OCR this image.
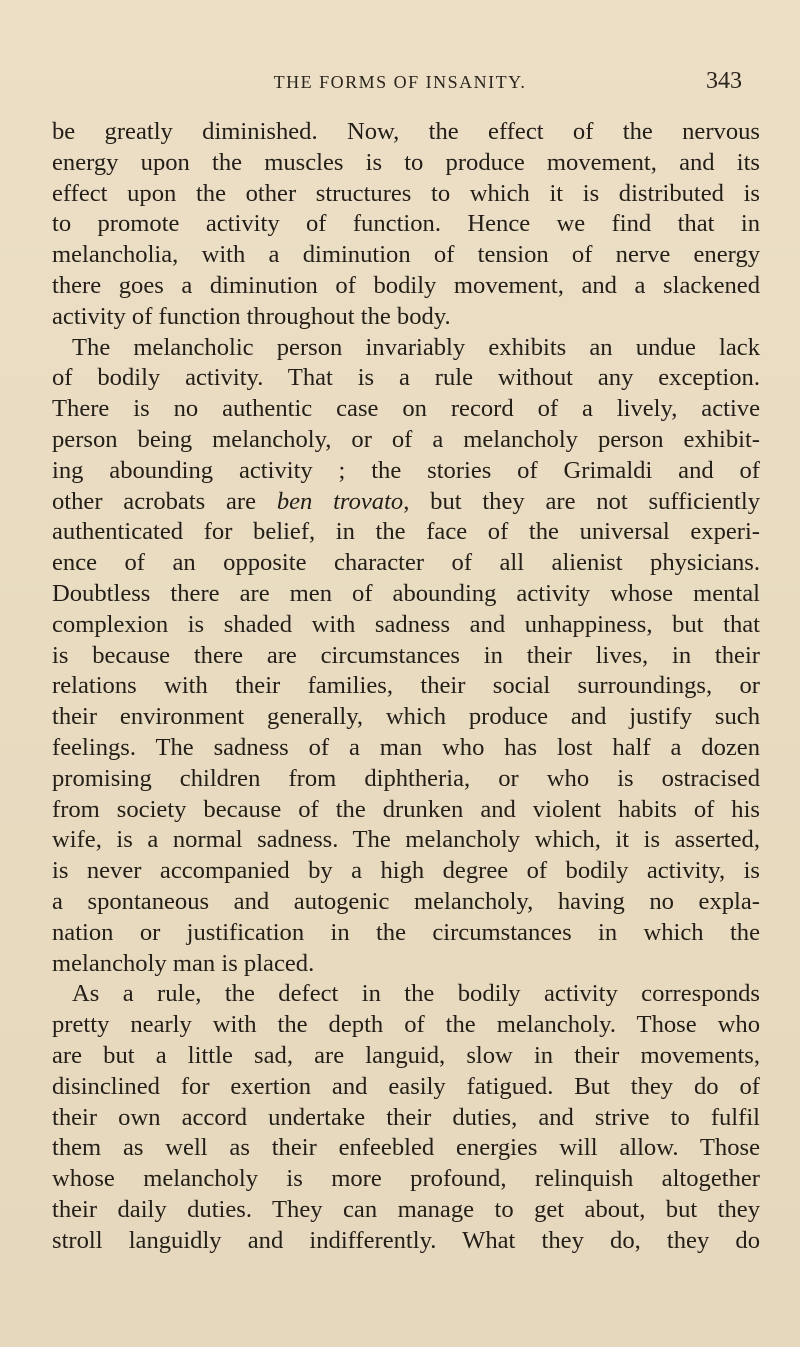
THE FORMS OF INSANITY.	343
be greatly diminished. Now, the effect of the nervous
energy upon the muscles is to produce movement, and its
effect upon the other structures to which it is distributed is
to promote activity of function. Hence we find that in
melancholia, with a diminution of tension of nerve energy
there goes a diminution of bodily movement, and a slackened
activity of function throughout the body.
The melancholic person invariably exhibits an undue lack
of bodily activity. That is a rule without any exception.
There is no authentic case on record of a lively, active
person being melancholy, or of a melancholy person exhibit-
ing abounding activity ; the stories of Grimaldi and of
other acrobats are ben trovato, but they are not sufficiently
authenticated for belief, in the face of the universal experi-
ence of an opposite character of all alienist physicians.
Doubtless there are men of abounding activity whose mental
complexion is shaded with sadness and unhappiness, but that
is because there are circumstances in their lives, in their
relations with their families, their social surroundings, or
their environment generally, which produce and justify such
feelings. The sadness of a man who has lost half a dozen
promising children from diphtheria, or who is ostracised
from society because of the drunken and violent habits of his
wife, is a normal sadness. The melancholy which, it is asserted,
is never accompanied by a high degree of bodily activity, is
a spontaneous and autogenic melancholy, having no expla-
nation or justification in the circumstances in which the
melancholy man is placed.
As a rule, the defect in the bodily activity corresponds
pretty nearly with the depth of the melancholy. Those who
are but a little sad, are languid, slow in their movements,
disinclined for exertion and easily fatigued. But they do of
their own accord undertake their duties, and strive to fulfil
them as well as their enfeebled energies will allow. Those
whose melancholy is more profound, relinquish altogether
their daily duties. They can manage to get about, but they
stroll languidly and indifferently. What they do, they do
